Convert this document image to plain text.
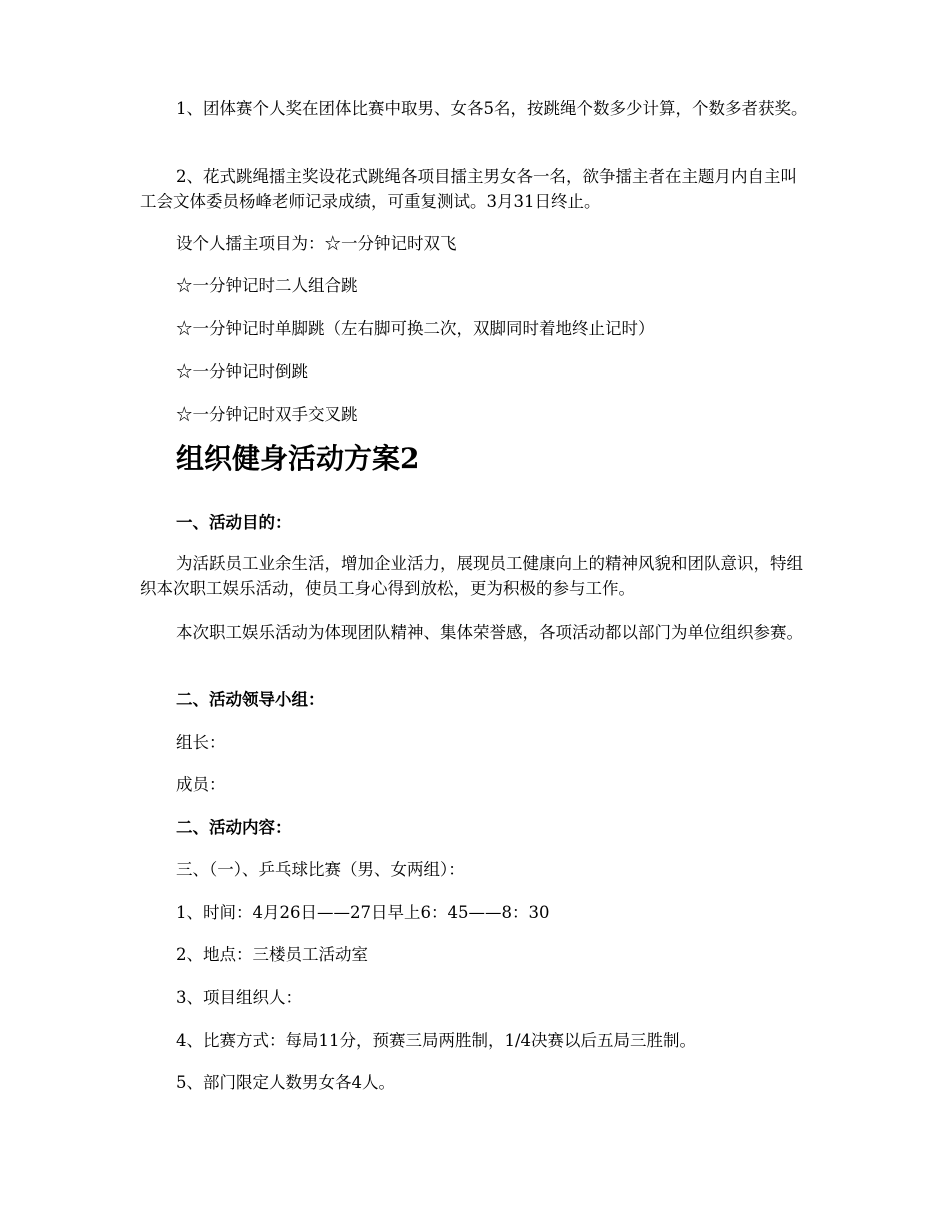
1、团体赛个人奖在团体比赛中取男、女各5名，按跳绳个数多少计算，个数多者获奖。

2、花式跳绳擂主奖设花式跳绳各项目擂主男女各一名，欲争擂主者在主题月内自主叫工会文体委员杨峰老师记录成绩，可重复测试。3月31日终止。

设个人擂主项目为：☆一分钟记时双飞

☆一分钟记时二人组合跳

☆一分钟记时单脚跳（左右脚可换二次，双脚同时着地终止记时）

☆一分钟记时倒跳

☆一分钟记时双手交叉跳

组织健身活动方案2

一、活动目的：

为活跃员工业余生活，增加企业活力，展现员工健康向上的精神风貌和团队意识，特组织本次职工娱乐活动，使员工身心得到放松，更为积极的参与工作。

本次职工娱乐活动为体现团队精神、集体荣誉感，各项活动都以部门为单位组织参赛。

二、活动领导小组：

组长：

成员：

二、活动内容：

三、（一）、乒乓球比赛（男、女两组）：

1、时间：4月26日——27日早上6：45——8：30

2、地点：三楼员工活动室

3、项目组织人：

4、比赛方式：每局11分，预赛三局两胜制，1/4决赛以后五局三胜制。

5、部门限定人数男女各4人。
